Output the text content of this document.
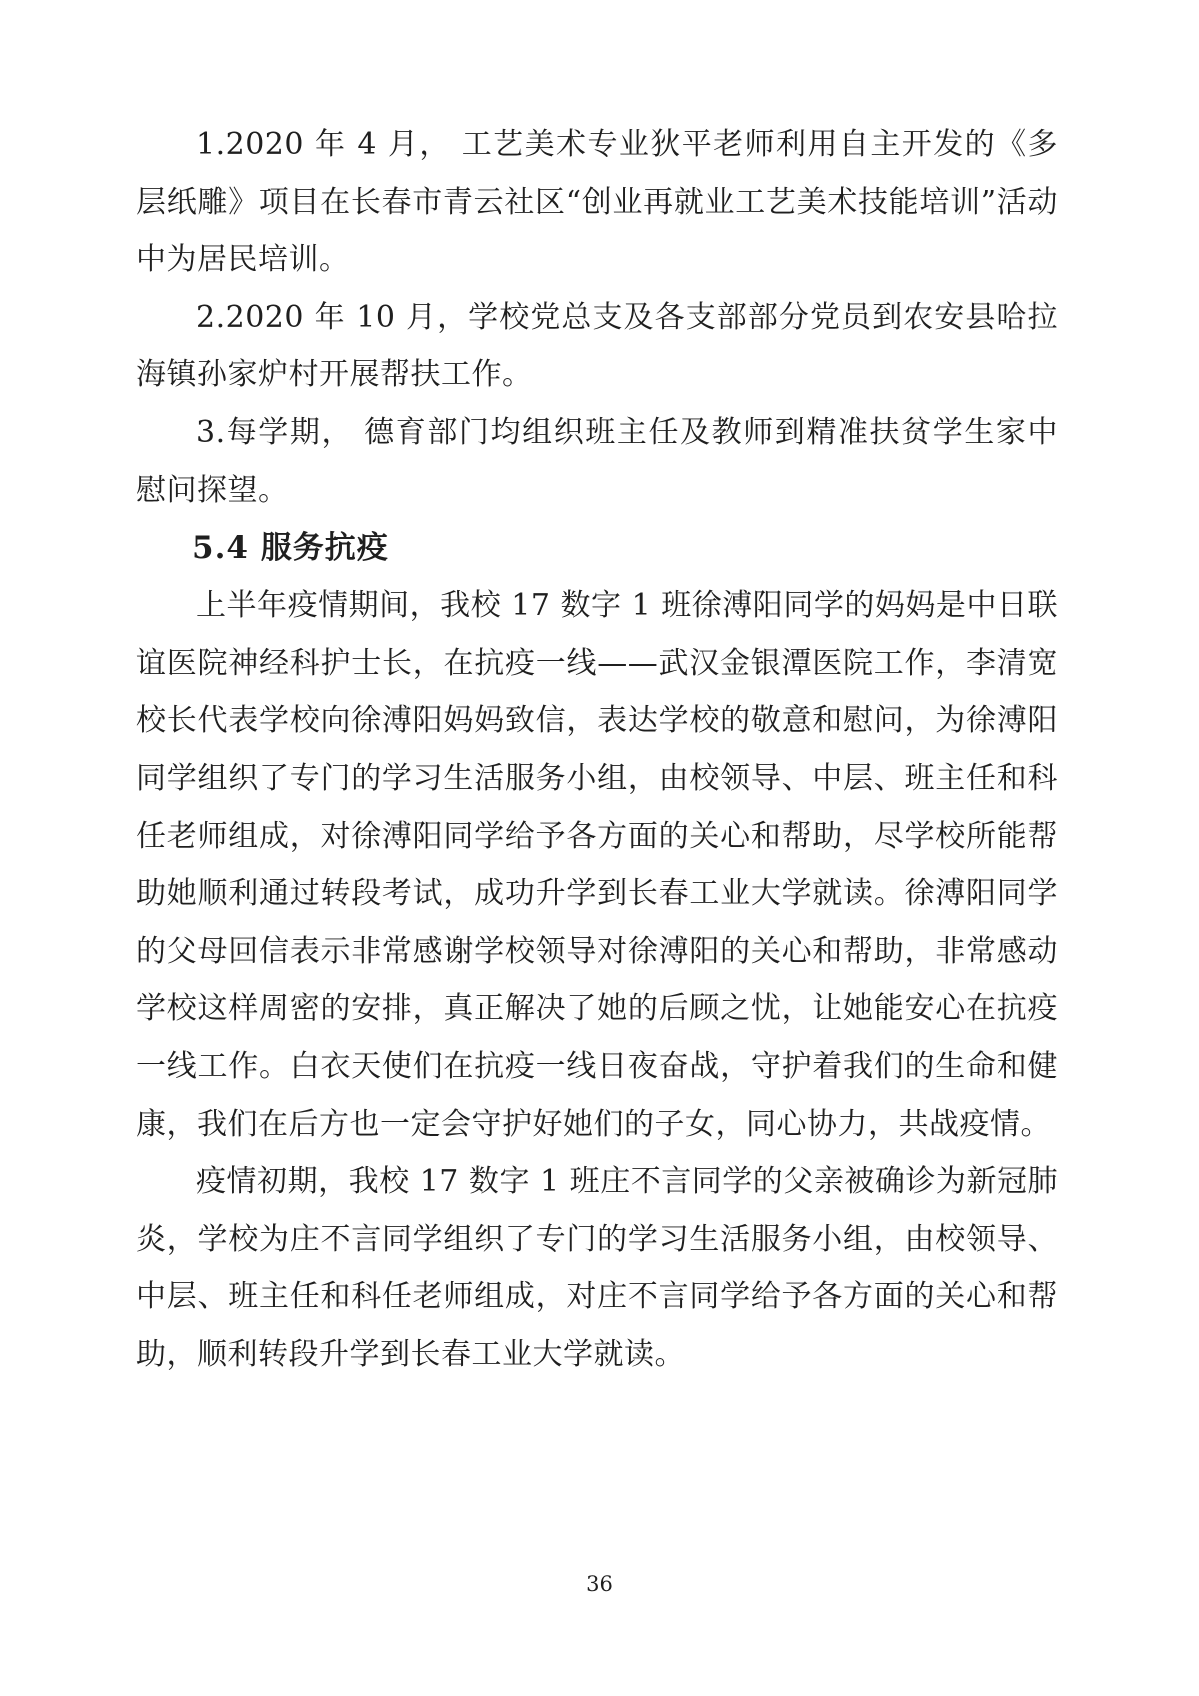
1.2020 年 4 月， 工艺美术专业狄平老师利用自主开发的《多层纸雕》项目在长春市青云社区“创业再就业工艺美术技能培训”活动中为居民培训。

2.2020 年 10 月，学校党总支及各支部部分党员到农安县哈拉海镇孙家炉村开展帮扶工作。

3.每学期， 德育部门均组织班主任及教师到精准扶贫学生家中慰问探望。

5.4 服务抗疫

上半年疫情期间，我校 17 数字 1 班徐溥阳同学的妈妈是中日联谊医院神经科护士长，在抗疫一线——武汉金银潭医院工作，李清宽校长代表学校向徐溥阳妈妈致信，表达学校的敬意和慰问，为徐溥阳同学组织了专门的学习生活服务小组，由校领导、中层、班主任和科任老师组成，对徐溥阳同学给予各方面的关心和帮助，尽学校所能帮助她顺利通过转段考试，成功升学到长春工业大学就读。徐溥阳同学的父母回信表示非常感谢学校领导对徐溥阳的关心和帮助，非常感动学校这样周密的安排，真正解决了她的后顾之忧，让她能安心在抗疫一线工作。白衣天使们在抗疫一线日夜奋战，守护着我们的生命和健康，我们在后方也一定会守护好她们的子女，同心协力，共战疫情。

疫情初期，我校 17 数字 1 班庄不言同学的父亲被确诊为新冠肺炎，学校为庄不言同学组织了专门的学习生活服务小组，由校领导、中层、班主任和科任老师组成，对庄不言同学给予各方面的关心和帮助，顺利转段升学到长春工业大学就读。

36
